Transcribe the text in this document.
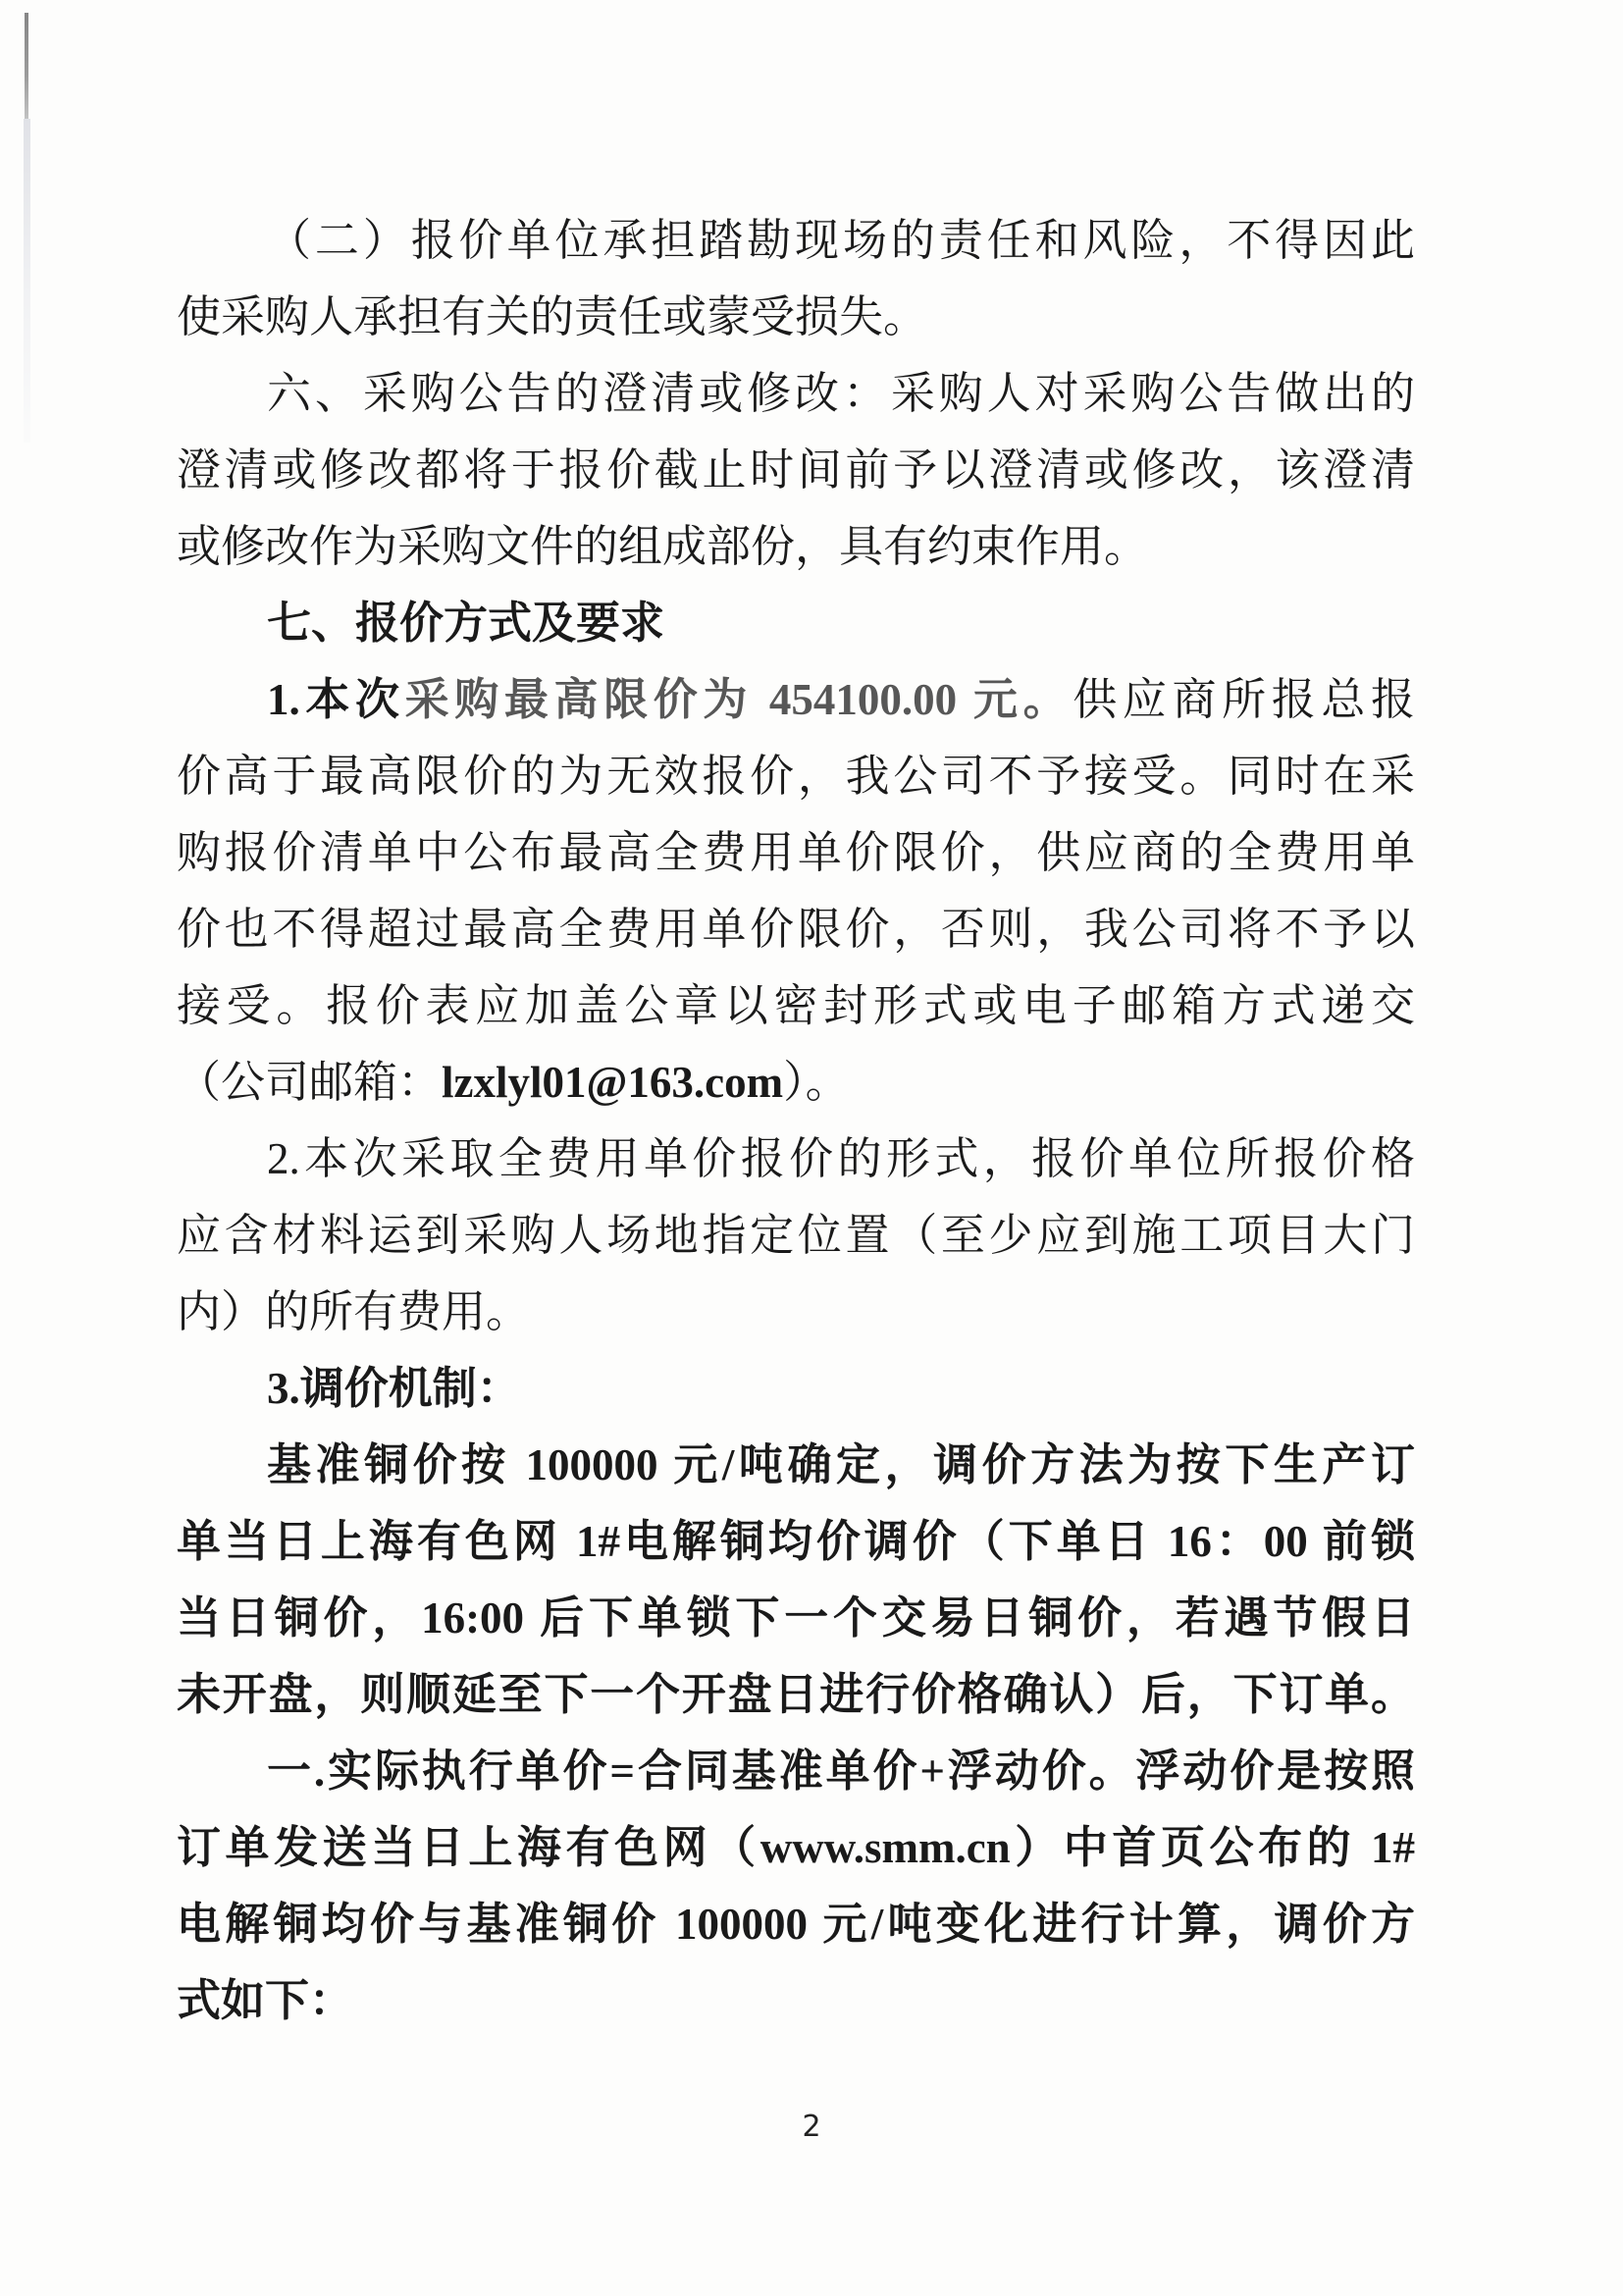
（二）报价单位承担踏勘现场的责任和风险，不得因此

使采购人承担有关的责任或蒙受损失。

六、采购公告的澄清或修改：采购人对采购公告做出的

澄清或修改都将于报价截止时间前予以澄清或修改，该澄清

或修改作为采购文件的组成部份，具有约束作用。

七、报价方式及要求

1.本次采购最高限价为 454100.00 元。供应商所报总报

价高于最高限价的为无效报价，我公司不予接受。同时在采

购报价清单中公布最高全费用单价限价，供应商的全费用单

价也不得超过最高全费用单价限价，否则，我公司将不予以

接受。报价表应加盖公章以密封形式或电子邮箱方式递交

（公司邮箱：lzxlyl01@163.com）。

2.本次采取全费用单价报价的形式，报价单位所报价格

应含材料运到采购人场地指定位置（至少应到施工项目大门

内）的所有费用。

3.调价机制：

基准铜价按 100000 元/吨确定，调价方法为按下生产订

单当日上海有色网 1#电解铜均价调价（下单日 16：00 前锁

当日铜价，16:00 后下单锁下一个交易日铜价，若遇节假日

未开盘，则顺延至下一个开盘日进行价格确认）后，下订单。

一.实际执行单价=合同基准单价+浮动价。浮动价是按照

订单发送当日上海有色网（www.smm.cn）中首页公布的 1#

电解铜均价与基准铜价 100000 元/吨变化进行计算，调价方

式如下：

2
